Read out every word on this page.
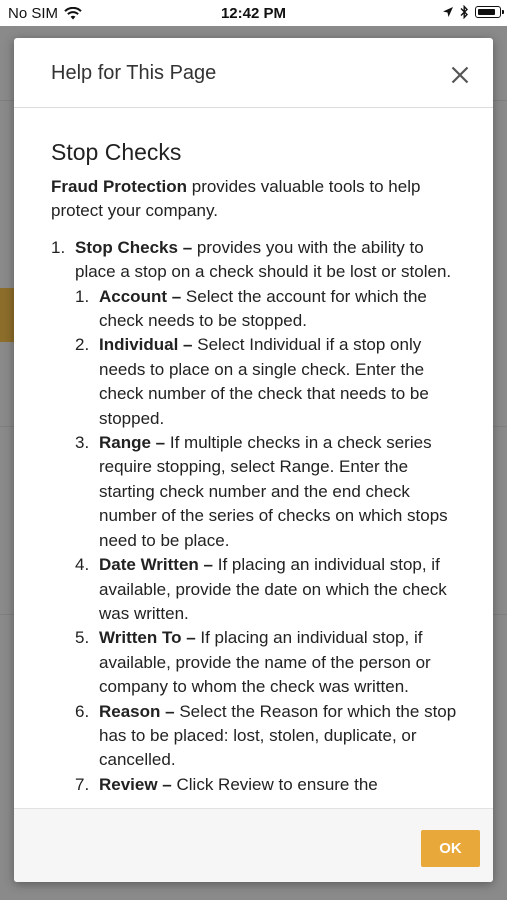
No SIM	12:42 PM
Help for This Page
Stop Checks

Fraud Protection provides valuable tools to help protect your company.

1. Stop Checks – provides you with the ability to place a stop on a check should it be lost or stolen.
1. Account – Select the account for which the check needs to be stopped.
2. Individual – Select Individual if a stop only needs to place on a single check. Enter the check number of the check that needs to be stopped.
3. Range – If multiple checks in a check series require stopping, select Range. Enter the starting check number and the end check number of the series of checks on which stops need to be place.
4. Date Written – If placing an individual stop, if available, provide the date on which the check was written.
5. Written To – If placing an individual stop, if available, provide the name of the person or company to whom the check was written.
6. Reason – Select the Reason for which the stop has to be placed: lost, stolen, duplicate, or cancelled.
7. Review – Click Review to ensure the
OK
